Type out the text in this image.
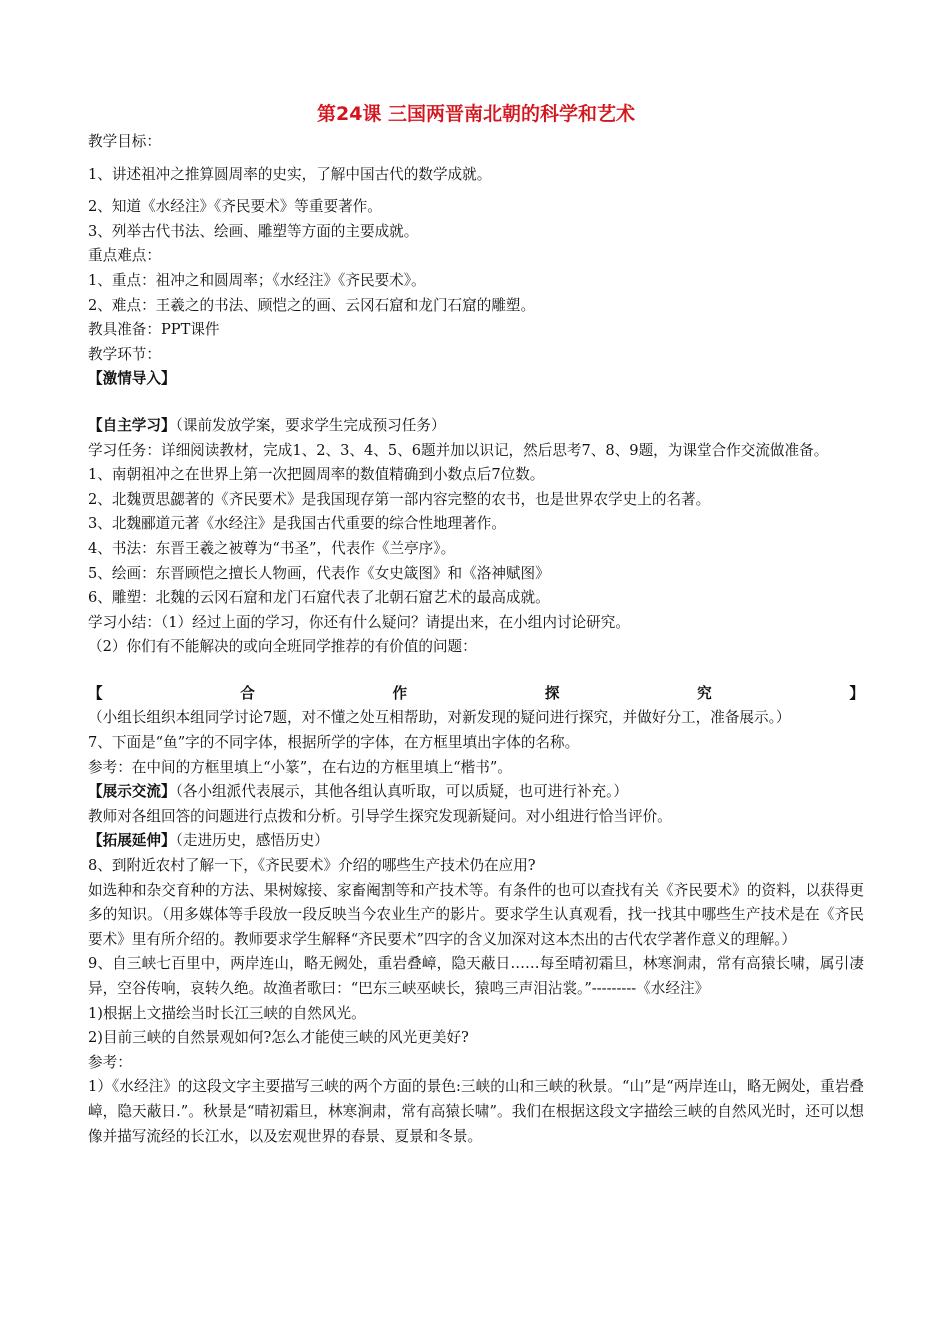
第24课 三国两晋南北朝的科学和艺术

教学目标：

1、讲述祖冲之推算圆周率的史实，了解中国古代的数学成就。

2、知道《水经注》《齐民要术》等重要著作。

3、列举古代书法、绘画、雕塑等方面的主要成就。

重点难点：

1、重点：祖冲之和圆周率；《水经注》《齐民要术》。

2、难点：王羲之的书法、顾恺之的画、云冈石窟和龙门石窟的雕塑。

教具准备：PPT课件

教学环节：

【激情导入】

【自主学习】（课前发放学案，要求学生完成预习任务）

学习任务：详细阅读教材，完成1、2、3、4、5、6题并加以识记，然后思考7、8、9题，为课堂合作交流做准备。

1、南朝祖冲之在世界上第一次把圆周率的数值精确到小数点后7位数。

2、北魏贾思勰著的《齐民要术》是我国现存第一部内容完整的农书，也是世界农学史上的名著。

3、北魏郦道元著《水经注》是我国古代重要的综合性地理著作。

4、书法：东晋王羲之被尊为“书圣”，代表作《兰亭序》。

5、绘画：东晋顾恺之擅长人物画，代表作《女史箴图》和《洛神赋图》

6、雕塑：北魏的云冈石窟和龙门石窟代表了北朝石窟艺术的最高成就。

学习小结：（1）经过上面的学习，你还有什么疑问？请提出来，在小组内讨论研究。

（2）你们有不能解决的或向全班同学推荐的有价值的问题：

【合作探究】（小组长组织本组同学讨论7题，对不懂之处互相帮助，对新发现的疑问进行探究，并做好分工，准备展示。）

7、下面是“鱼”字的不同字体，根据所学的字体，在方框里填出字体的名称。

参考：在中间的方框里填上“小篆”，在右边的方框里填上“楷书”。

【展示交流】（各小组派代表展示，其他各组认真听取，可以质疑，也可进行补充。）

教师对各组回答的问题进行点拨和分析。引导学生探究发现新疑问。对小组进行恰当评价。

【拓展延伸】（走进历史，感悟历史）

8、到附近农村了解一下，《齐民要术》介绍的哪些生产技术仍在应用?

如选种和杂交育种的方法、果树嫁接、家畜阉割等和产技术等。有条件的也可以查找有关《齐民要术》的资料，以获得更多的知识。（用多媒体等手段放一段反映当今农业生产的影片。要求学生认真观看，找一找其中哪些生产技术是在《齐民要术》里有所介绍的。教师要求学生解释“齐民要术”四字的含义加深对这本杰出的古代农学著作意义的理解。）

9、自三峡七百里中，两岸连山，略无阙处，重岩叠嶂，隐天蔽日……每至晴初霜旦，林寒涧肃，常有高猿长啸，属引凄异，空谷传响，哀转久绝。故渔者歌曰：“巴东三峡巫峡长，猿鸣三声泪沾裳。”---------《水经注》

1)根据上文描绘当时长江三峡的自然风光。

2)目前三峡的自然景观如何?怎么才能使三峡的风光更美好?

参考：

1）《水经注》的这段文字主要描写三峡的两个方面的景色:三峡的山和三峡的秋景。“山”是“两岸连山，略无阙处，重岩叠嶂，隐天蔽日.”。秋景是“晴初霜旦，林寒涧肃，常有高猿长啸”。我们在根据这段文字描绘三峡的自然风光时，还可以想像并描写流经的长江水，以及宏观世界的春景、夏景和冬景。
